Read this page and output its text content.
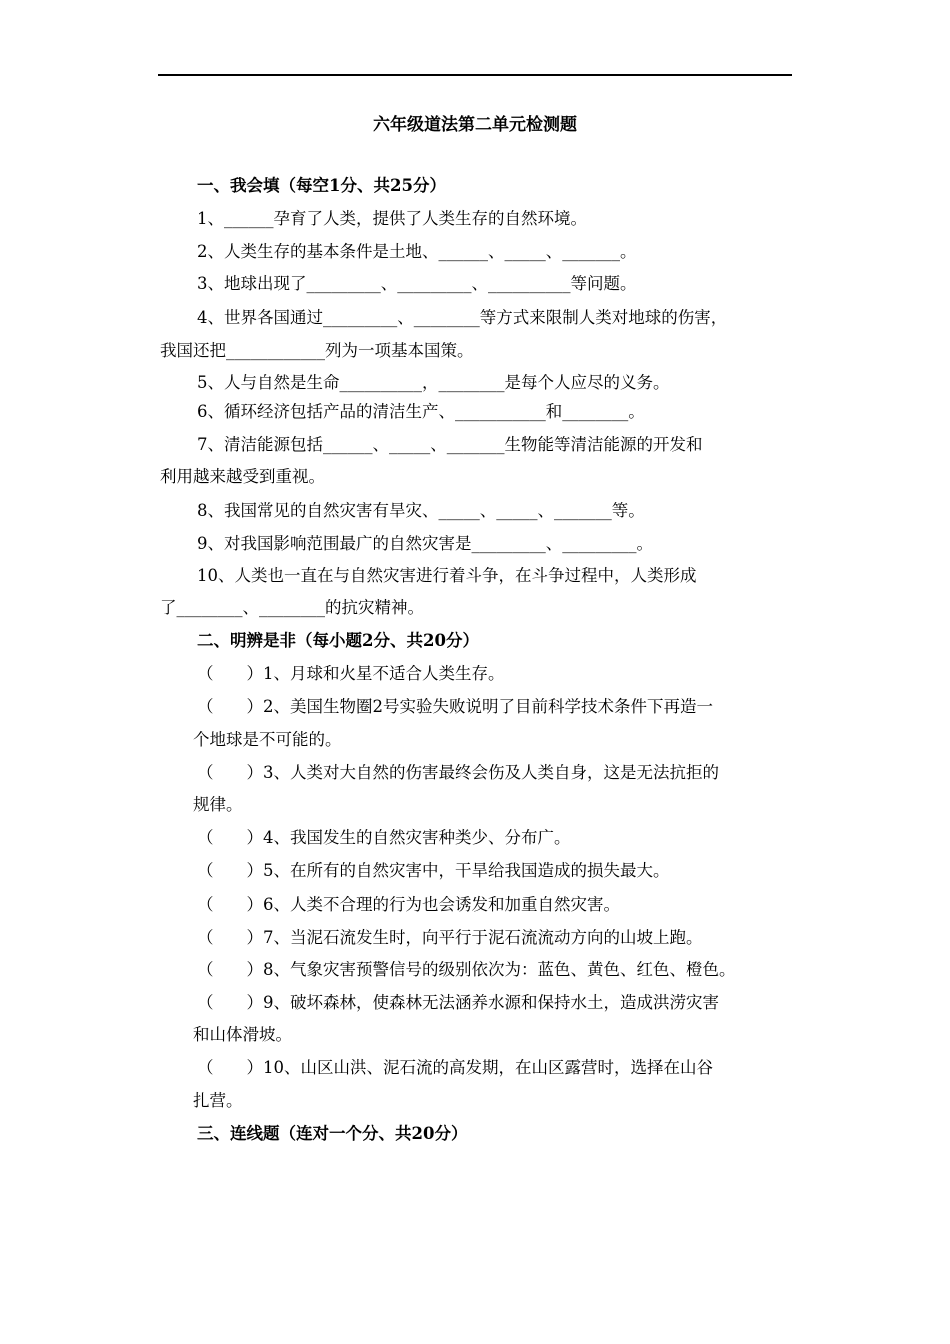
六年级道法第二单元检测题
一、我会填（每空1分、共25分）
1、______孕育了人类，提供了人类生存的自然环境。
2、人类生存的基本条件是土地、______、_____、_______。
3、地球出现了_________、_________、__________等问题。
4、世界各国通过_________、________等方式来限制人类对地球的伤害，
我国还把____________列为一项基本国策。
5、人与自然是生命__________，________是每个人应尽的义务。
6、循环经济包括产品的清洁生产、___________和________。
7、清洁能源包括______、_____、_______生物能等清洁能源的开发和
利用越来越受到重视。
8、我国常见的自然灾害有旱灾、_____、_____、_______等。
9、对我国影响范围最广的自然灾害是_________、_________。
10、人类也一直在与自然灾害进行着斗争，在斗争过程中，人类形成
了________、________的抗灾精神。
二、明辨是非（每小题2分、共20分）
（　　）1、月球和火星不适合人类生存。
（　　）2、美国生物圈2号实验失败说明了目前科学技术条件下再造一
个地球是不可能的。
（　　）3、人类对大自然的伤害最终会伤及人类自身，这是无法抗拒的
规律。
（　　）4、我国发生的自然灾害种类少、分布广。
（　　）5、在所有的自然灾害中，干旱给我国造成的损失最大。
（　　）6、人类不合理的行为也会诱发和加重自然灾害。
（　　）7、当泥石流发生时，向平行于泥石流流动方向的山坡上跑。
（　　）8、气象灾害预警信号的级别依次为：蓝色、黄色、红色、橙色。
（　　）9、破坏森林，使森林无法涵养水源和保持水土，造成洪涝灾害
和山体滑坡。
（　　）10、山区山洪、泥石流的高发期，在山区露营时，选择在山谷
扎营。
三、连线题（连对一个分、共20分）
